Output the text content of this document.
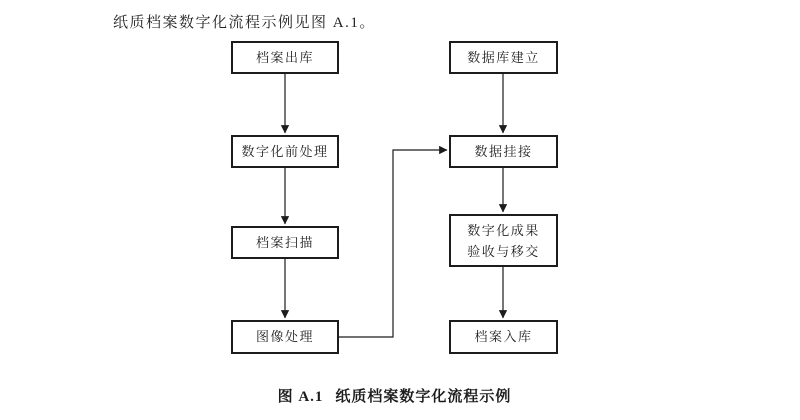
纸质档案数字化流程示例见图 A.1。

档案出库
数字化前处理
档案扫描
图像处理
数据库建立
数据挂接
数字化成果
验收与移交
档案入库

图 A.1 纸质档案数字化流程示例
